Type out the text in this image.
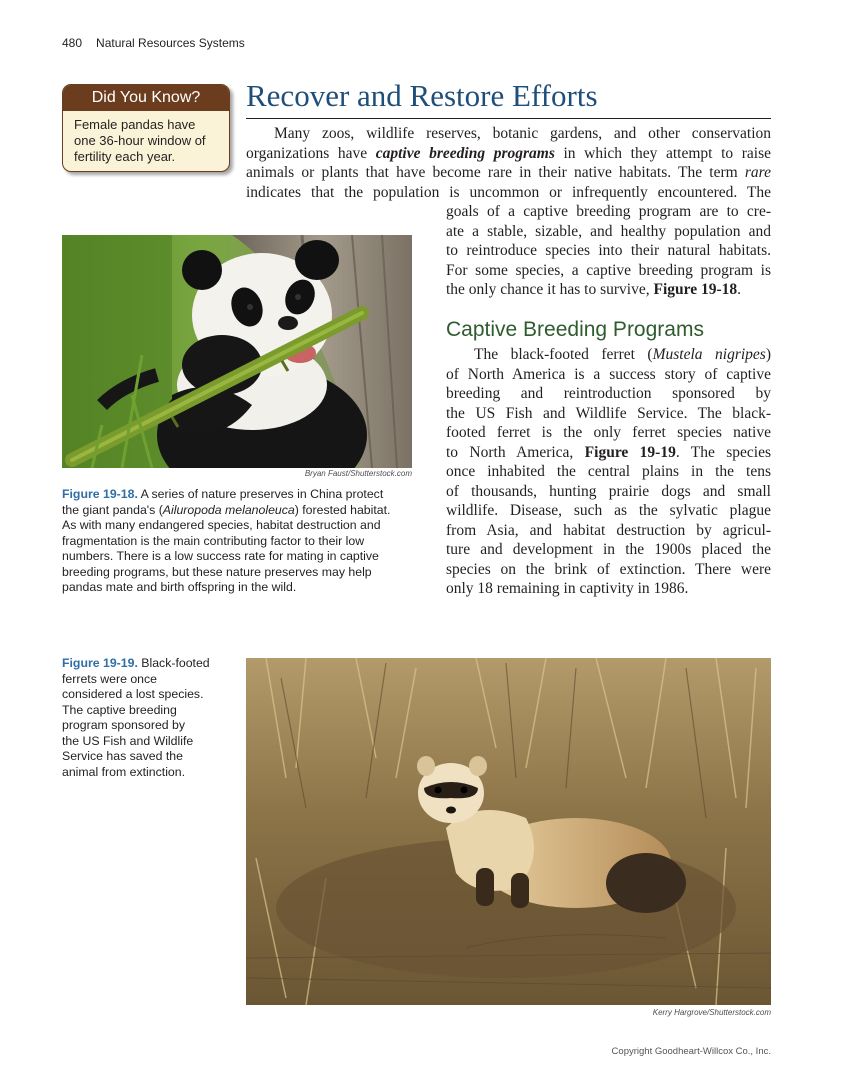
480 Natural Resources Systems
Did You Know?
Female pandas have
one 36-hour window of
fertility each year.
Recover and Restore Efforts
Many zoos, wildlife reserves, botanic gardens, and other conservation
organizations have captive breeding programs in which they attempt to raise
animals or plants that have become rare in their native habitats. The term rare
indicates that the population is uncommon or infrequently encountered. The
goals of a captive breeding program are to cre-
ate a stable, sizable, and healthy population and
to reintroduce species into their natural habitats.
For some species, a captive breeding program is
the only chance it has to survive, Figure 19-18.
Captive Breeding Programs
The black-footed ferret (Mustela nigripes)
of North America is a success story of captive
breeding and reintroduction sponsored by
the US Fish and Wildlife Service. The black-
footed ferret is the only ferret species native
to North America, Figure 19-19. The species
once inhabited the central plains in the tens
of thousands, hunting prairie dogs and small
wildlife. Disease, such as the sylvatic plague
from Asia, and habitat destruction by agricul-
ture and development in the 1900s placed the
species on the brink of extinction. There were
only 18 remaining in captivity in 1986.
Bryan Faust/Shutterstock.com
Figure 19-18. A series of nature preserves in China protect
the giant panda's (Ailuropoda melanoleuca) forested habitat.
As with many endangered species, habitat destruction and
fragmentation is the main contributing factor to their low
numbers. There is a low success rate for mating in captive
breeding programs, but these nature preserves may help
pandas mate and birth offspring in the wild.
Figure 19-19. Black-footed
ferrets were once
considered a lost species.
The captive breeding
program sponsored by
the US Fish and Wildlife
Service has saved the
animal from extinction.
Kerry Hargrove/Shutterstock.com
Copyright Goodheart-Willcox Co., Inc.
